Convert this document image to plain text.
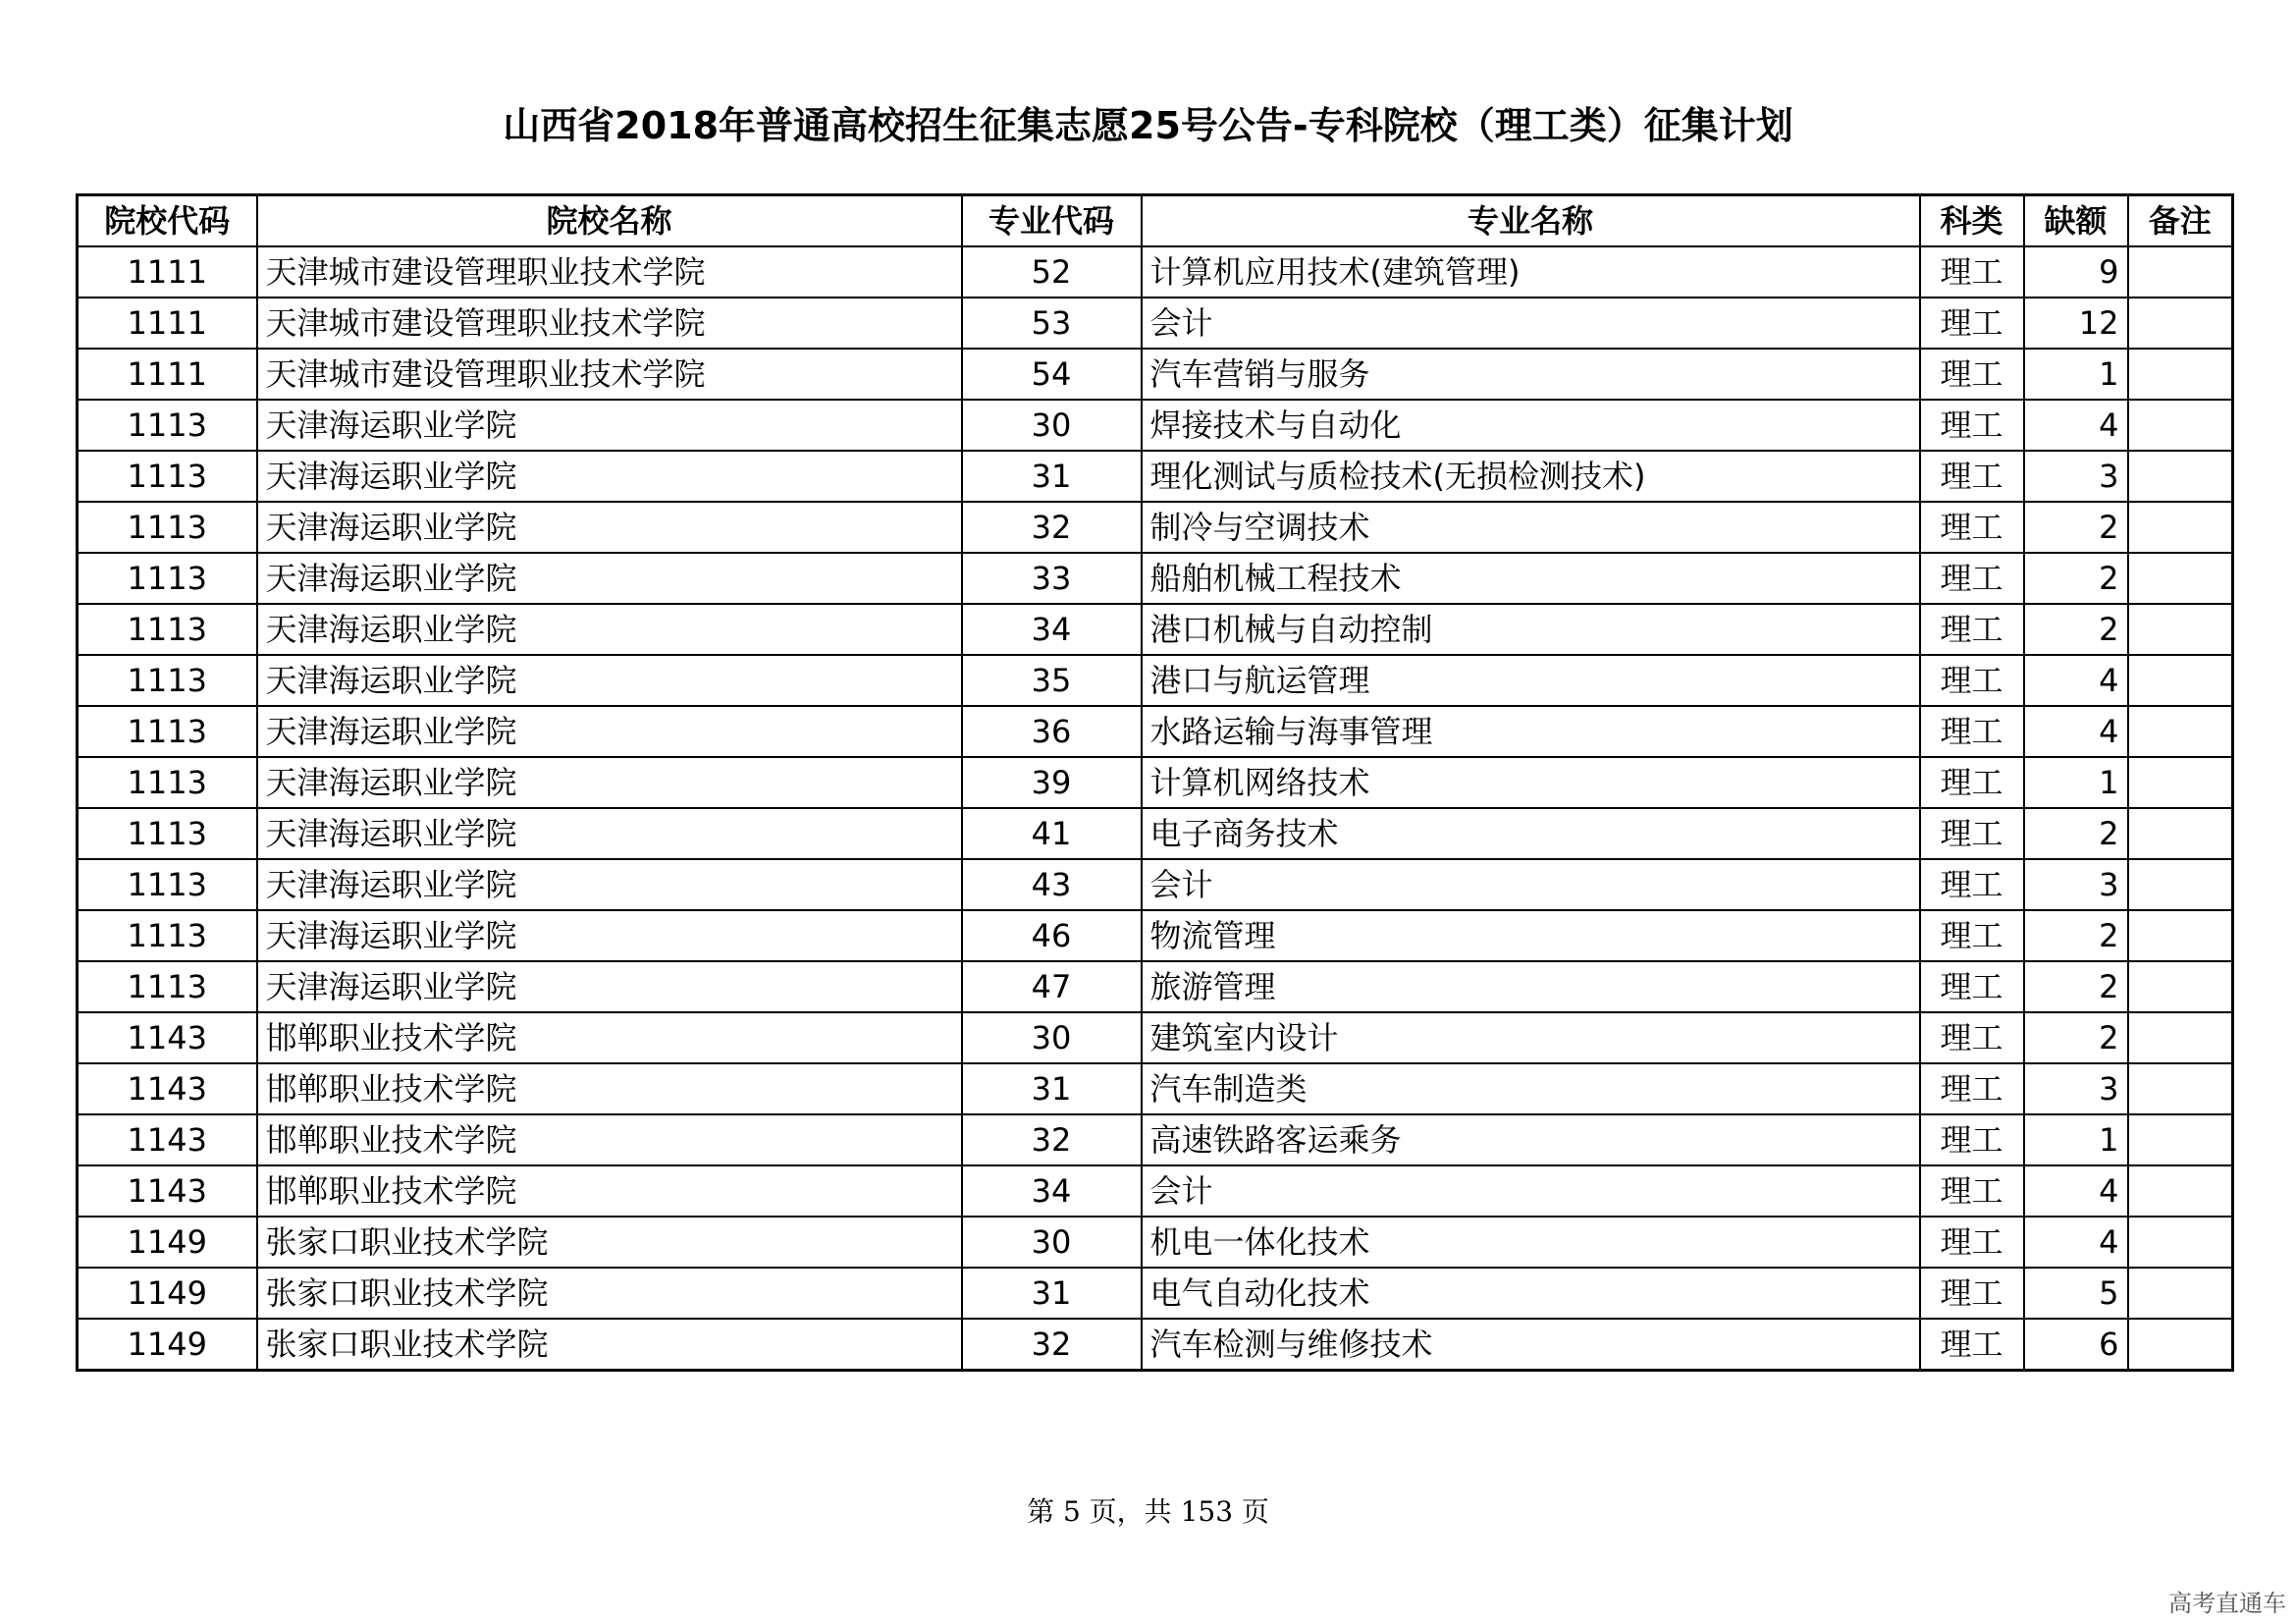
山西省2018年普通高校招生征集志愿25号公告-专科院校（理工类）征集计划
院校代码	院校名称	专业代码	专业名称	科类	缺额	备注
1111	天津城市建设管理职业技术学院	52	计算机应用技术(建筑管理)	理工	9	
1111	天津城市建设管理职业技术学院	53	会计	理工	12	
1111	天津城市建设管理职业技术学院	54	汽车营销与服务	理工	1	
1113	天津海运职业学院	30	焊接技术与自动化	理工	4	
1113	天津海运职业学院	31	理化测试与质检技术(无损检测技术)	理工	3	
1113	天津海运职业学院	32	制冷与空调技术	理工	2	
1113	天津海运职业学院	33	船舶机械工程技术	理工	2	
1113	天津海运职业学院	34	港口机械与自动控制	理工	2	
1113	天津海运职业学院	35	港口与航运管理	理工	4	
1113	天津海运职业学院	36	水路运输与海事管理	理工	4	
1113	天津海运职业学院	39	计算机网络技术	理工	1	
1113	天津海运职业学院	41	电子商务技术	理工	2	
1113	天津海运职业学院	43	会计	理工	3	
1113	天津海运职业学院	46	物流管理	理工	2	
1113	天津海运职业学院	47	旅游管理	理工	2	
1143	邯郸职业技术学院	30	建筑室内设计	理工	2	
1143	邯郸职业技术学院	31	汽车制造类	理工	3	
1143	邯郸职业技术学院	32	高速铁路客运乘务	理工	1	
1143	邯郸职业技术学院	34	会计	理工	4	
1149	张家口职业技术学院	30	机电一体化技术	理工	4	
1149	张家口职业技术学院	31	电气自动化技术	理工	5	
1149	张家口职业技术学院	32	汽车检测与维修技术	理工	6	
第 5 页，共 153 页
高考直通车
